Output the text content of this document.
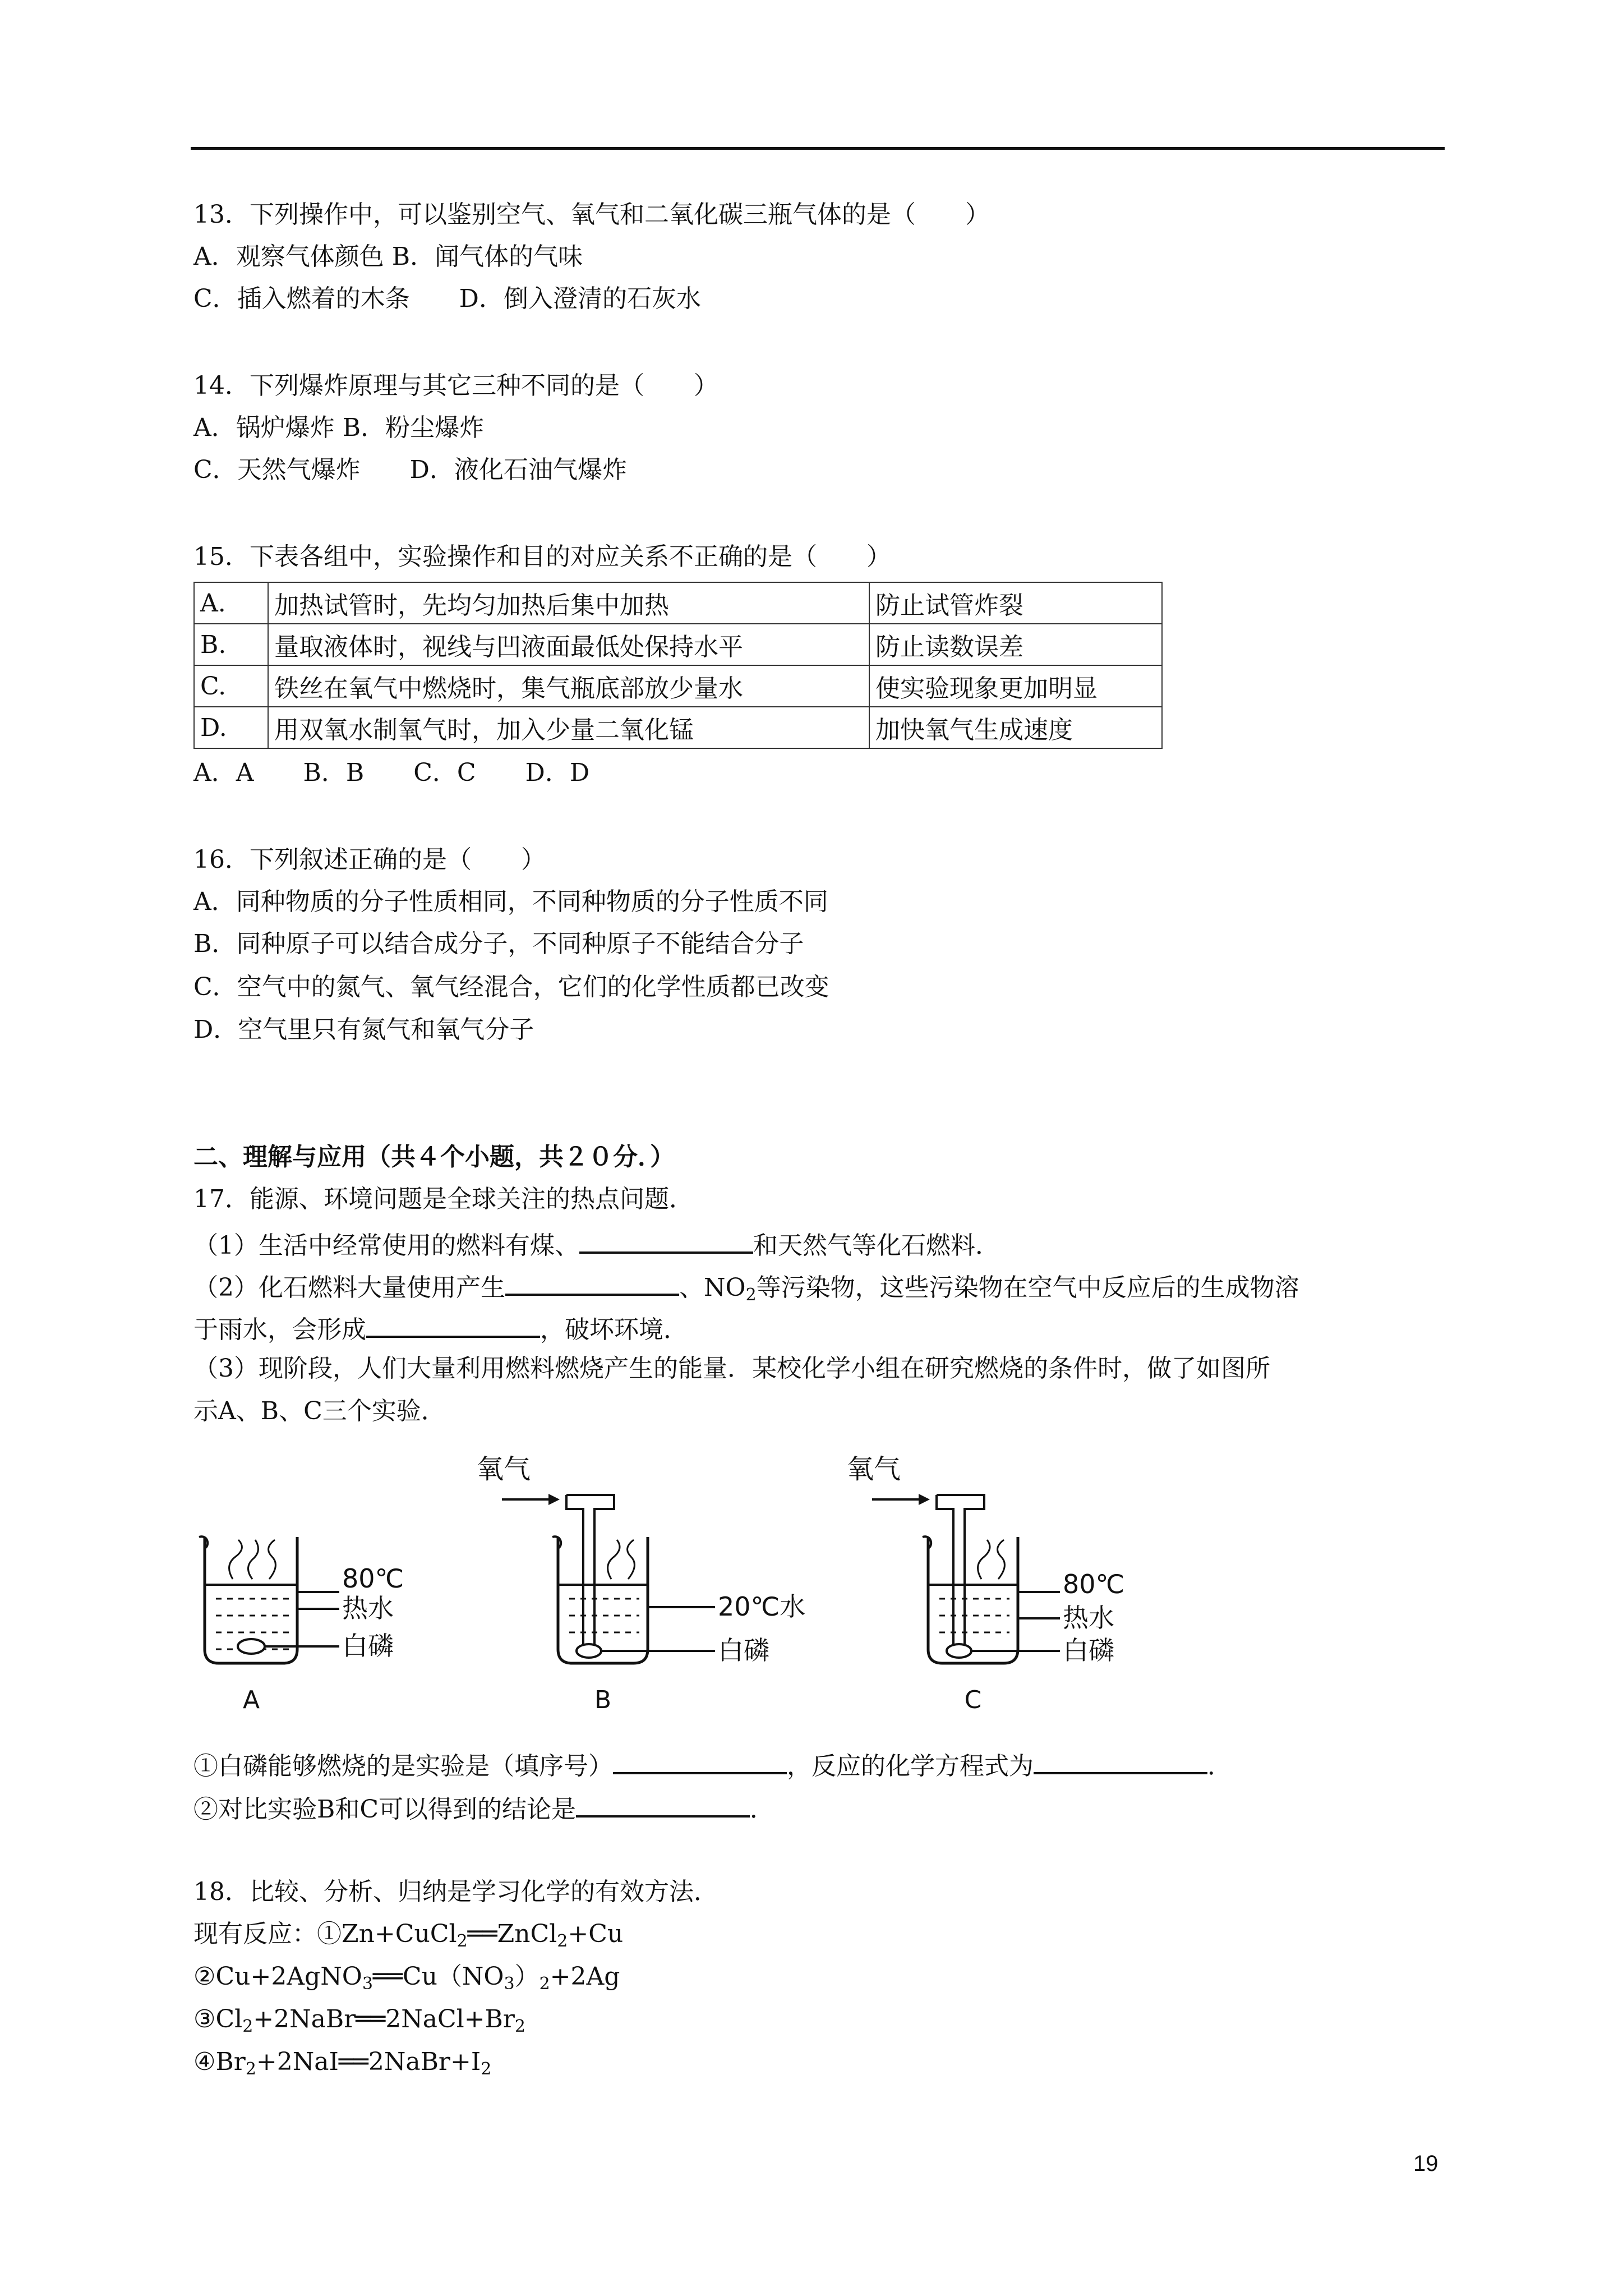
13．下列操作中，可以鉴别空气、氧气和二氧化碳三瓶气体的是（　　）
A．观察气体颜色 B．闻气体的气味
C．插入燃着的木条　　D．倒入澄清的石灰水
14．下列爆炸原理与其它三种不同的是（　　）
A．锅炉爆炸 B．粉尘爆炸
C．天然气爆炸　　D．液化石油气爆炸
15．下表各组中，实验操作和目的对应关系不正确的是（　　）
A.	加热试管时，先均匀加热后集中加热	防止试管炸裂
B.	量取液体时，视线与凹液面最低处保持水平	防止读数误差
C.	铁丝在氧气中燃烧时，集气瓶底部放少量水	使实验现象更加明显
D.	用双氧水制氧气时，加入少量二氧化锰	加快氧气生成速度
A．A　　B．B　　C．C　　D．D
16．下列叙述正确的是（　　）
A．同种物质的分子性质相同，不同种物质的分子性质不同
B．同种原子可以结合成分子，不同种原子不能结合分子
C．空气中的氮气、氧气经混合，它们的化学性质都已改变
D．空气里只有氮气和氧气分子
二、理解与应用（共４个小题，共２０分．）
17．能源、环境问题是全球关注的热点问题．
（1）生活中经常使用的燃料有煤、	和天然气等化石燃料．
（2）化石燃料大量使用产生	、$NO_2$等污染物，这些污染物在空气中反应后的生成物溶
于雨水，会形成	，破坏环境．
（3）现阶段，人们大量利用燃料燃烧产生的能量．某校化学小组在研究燃烧的条件时，做了如图所
示A、B、C三个实验．
80℃
热水
白磷
A
氧气
20℃水
白磷
B
氧气
80℃
热水
白磷
C
①白磷能够燃烧的是实验是（填序号）	，反应的化学方程式为	．
②对比实验B和C可以得到的结论是	．
18．比较、分析、归纳是学习化学的有效方法．
现有反应：①Zn+CuCl$_2$══ZnCl$_2$+Cu
$②Cu+2AgNO_3══Cu(NO_3)_2+2Ag$
$③Cl_2+2NaBr══2NaCl+Br_2$
$④Br_2+2NaI══2NaBr+I_2$
19
